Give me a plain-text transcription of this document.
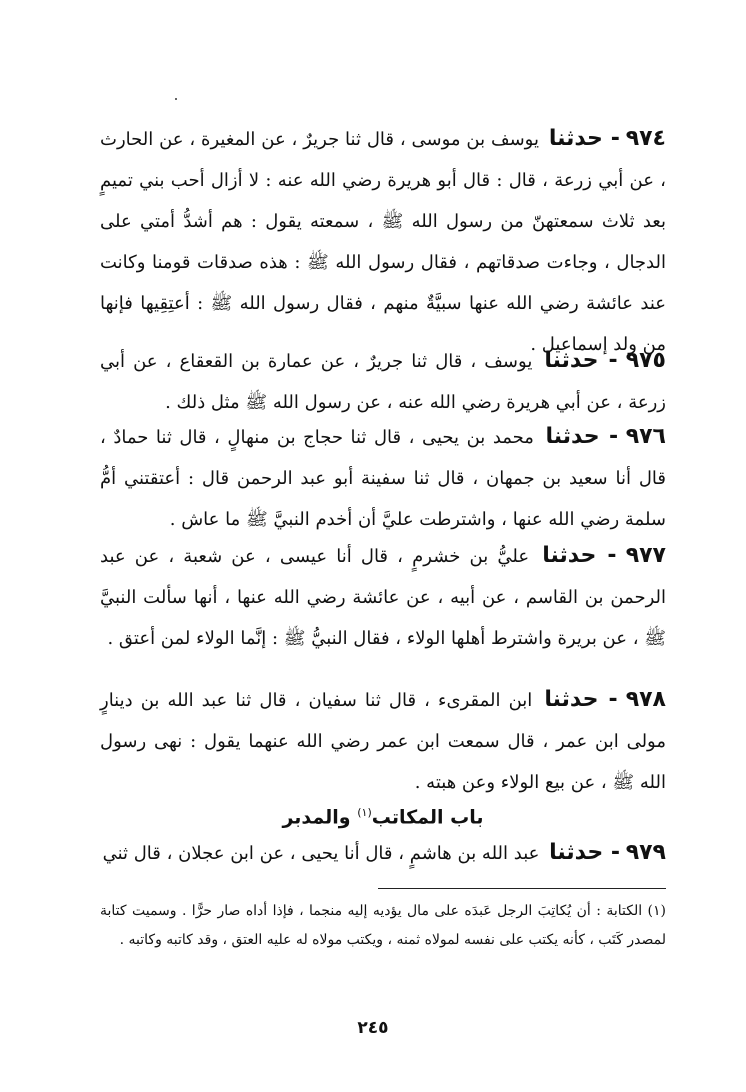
٩٧٤ - حدثنا يوسف بن موسى ، قال ثنا جريرٌ ، عن المغيرة ، عن الحارث ، عن أبي زرعة ، قال : قال أبو هريرة رضي الله عنه : لا أزال أحب بني تميمٍ بعد ثلاث سمعتهنّ من رسول الله ﷺ ، سمعته يقول : هم أشدُّ أمتي على الدجال ، وجاءت صدقاتهم ، فقال رسول الله ﷺ : هذه صدقات قومنا وكانت عند عائشة رضي الله عنها سبيَّةٌ منهم ، فقال رسول الله ﷺ : أعتِقِيها فإنها من ولد إسماعيل .

٩٧٥ - حدثنا يوسف ، قال ثنا جريرٌ ، عن عمارة بن القعقاع ، عن أبي زرعة ، عن أبي هريرة رضي الله عنه ، عن رسول الله ﷺ مثل ذلك .

٩٧٦ - حدثنا محمد بن يحيى ، قال ثنا حجاج بن منهالٍ ، قال ثنا حمادٌ ، قال أنا سعيد بن جمهان ، قال ثنا سفينة أبو عبد الرحمن قال : أعتقتني أمُّ سلمة رضي الله عنها ، واشترطت عليَّ أن أخدم النبيَّ ﷺ ما عاش .

٩٧٧ - حدثنا عليُّ بن خشرمٍ ، قال أنا عيسى ، عن شعبة ، عن عبد الرحمن بن القاسم ، عن أبيه ، عن عائشة رضي الله عنها ، أنها سألت النبيَّ ﷺ ، عن بريرة واشترط أهلها الولاء ، فقال النبيُّ ﷺ : إنَّما الولاء لمن أعتق .

٩٧٨ - حدثنا ابن المقرىء ، قال ثنا سفيان ، قال ثنا عبد الله بن دينارٍ مولى ابن عمر ، قال سمعت ابن عمر رضي الله عنهما يقول : نهى رسول الله ﷺ ، عن بيع الولاء وعن هبته .

باب المكاتب$^{(١)}$ والمدبر

٩٧٩ - حدثنا عبد الله بن هاشمٍ ، قال أنا يحيى ، عن ابن عجلان ، قال ثني

(١) الكتابة : أن يُكاتِبَ الرجل عَبدَه على مال يؤديه إليه منجما ، فإذا أداه صار حرًّا . وسميت كتابة لمصدر كَتَب ، كأنه يكتب على نفسه لمولاه ثمنه ، ويكتب مولاه له عليه العتق ، وقد كاتبه وكاتبه .

٢٤٥
